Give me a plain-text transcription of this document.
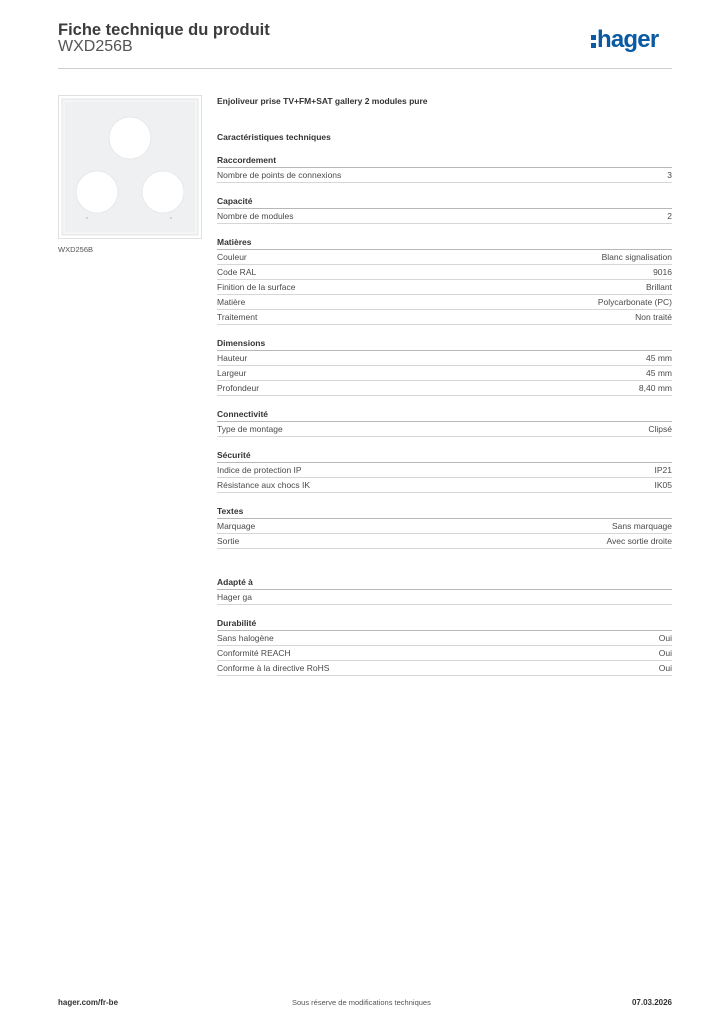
Fiche technique du produit
WXD256B	hager
WXD256B
Enjoliveur prise TV+FM+SAT gallery 2 modules pure
Caractéristiques techniques
Raccordement
Nombre de points de connexions	3
Capacité
Nombre de modules	2
Matières
Couleur	Blanc signalisation
Code RAL	9016
Finition de la surface	Brillant
Matière	Polycarbonate (PC)
Traitement	Non traité
Dimensions
Hauteur	45 mm
Largeur	45 mm
Profondeur	8,40 mm
Connectivité
Type de montage	Clipsé
Sécurité
Indice de protection IP	IP21
Résistance aux chocs IK	IK05
Textes
Marquage	Sans marquage
Sortie	Avec sortie droite
Adapté à
Hager ga
Durabilité
Sans halogène	Oui
Conformité REACH	Oui
Conforme à la directive RoHS	Oui
hager.com/fr-be	Sous réserve de modifications techniques	07.03.2026
